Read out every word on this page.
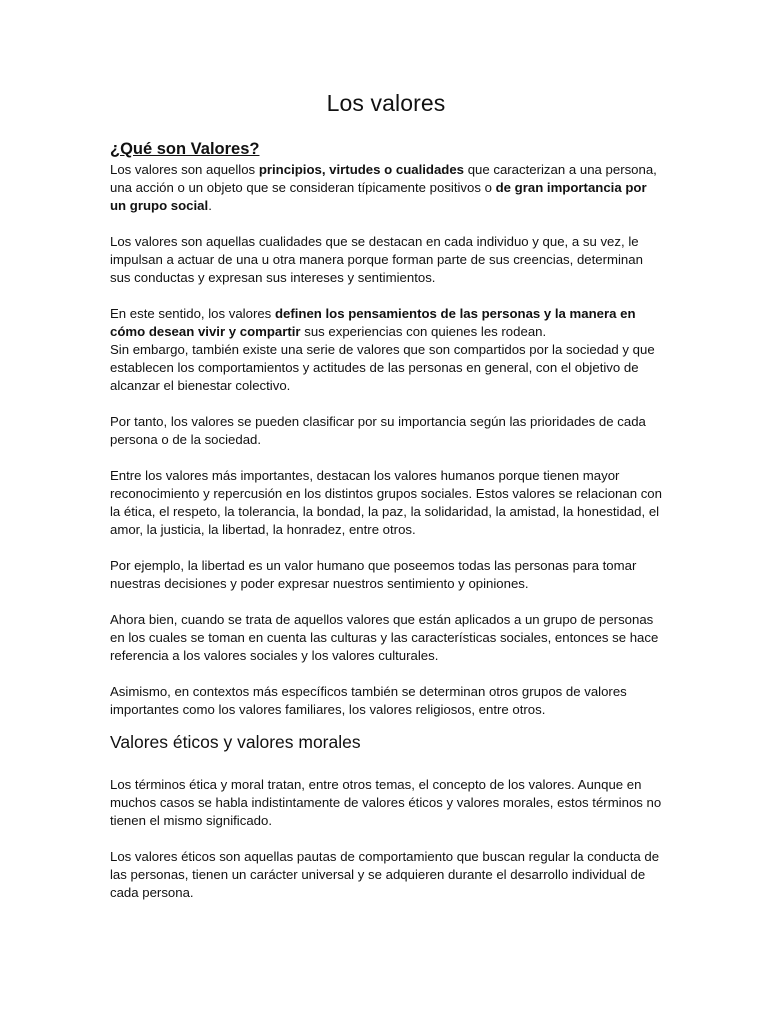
Los valores
¿Qué son Valores?

Los valores son aquellos principios, virtudes o cualidades que caracterizan a una persona, una acción o un objeto que se consideran típicamente positivos o de gran importancia por un grupo social.

Los valores son aquellas cualidades que se destacan en cada individuo y que, a su vez, le impulsan a actuar de una u otra manera porque forman parte de sus creencias, determinan sus conductas y expresan sus intereses y sentimientos.

En este sentido, los valores definen los pensamientos de las personas y la manera en cómo desean vivir y compartir sus experiencias con quienes les rodean.

Sin embargo, también existe una serie de valores que son compartidos por la sociedad y que establecen los comportamientos y actitudes de las personas en general, con el objetivo de alcanzar el bienestar colectivo.

Por tanto, los valores se pueden clasificar por su importancia según las prioridades de cada persona o de la sociedad.

Entre los valores más importantes, destacan los valores humanos porque tienen mayor reconocimiento y repercusión en los distintos grupos sociales. Estos valores se relacionan con la ética, el respeto, la tolerancia, la bondad, la paz, la solidaridad, la amistad, la honestidad, el amor, la justicia, la libertad, la honradez, entre otros.

Por ejemplo, la libertad es un valor humano que poseemos todas las personas para tomar nuestras decisiones y poder expresar nuestros sentimiento y opiniones.

Ahora bien, cuando se trata de aquellos valores que están aplicados a un grupo de personas en los cuales se toman en cuenta las culturas y las características sociales, entonces se hace referencia a los valores sociales y los valores culturales.

Asimismo, en contextos más específicos también se determinan otros grupos de valores importantes como los valores familiares, los valores religiosos, entre otros.

Valores éticos y valores morales

Los términos ética y moral tratan, entre otros temas, el concepto de los valores. Aunque en muchos casos se habla indistintamente de valores éticos y valores morales, estos términos no tienen el mismo significado.

Los valores éticos son aquellas pautas de comportamiento que buscan regular la conducta de las personas, tienen un carácter universal y se adquieren durante el desarrollo individual de cada persona.
